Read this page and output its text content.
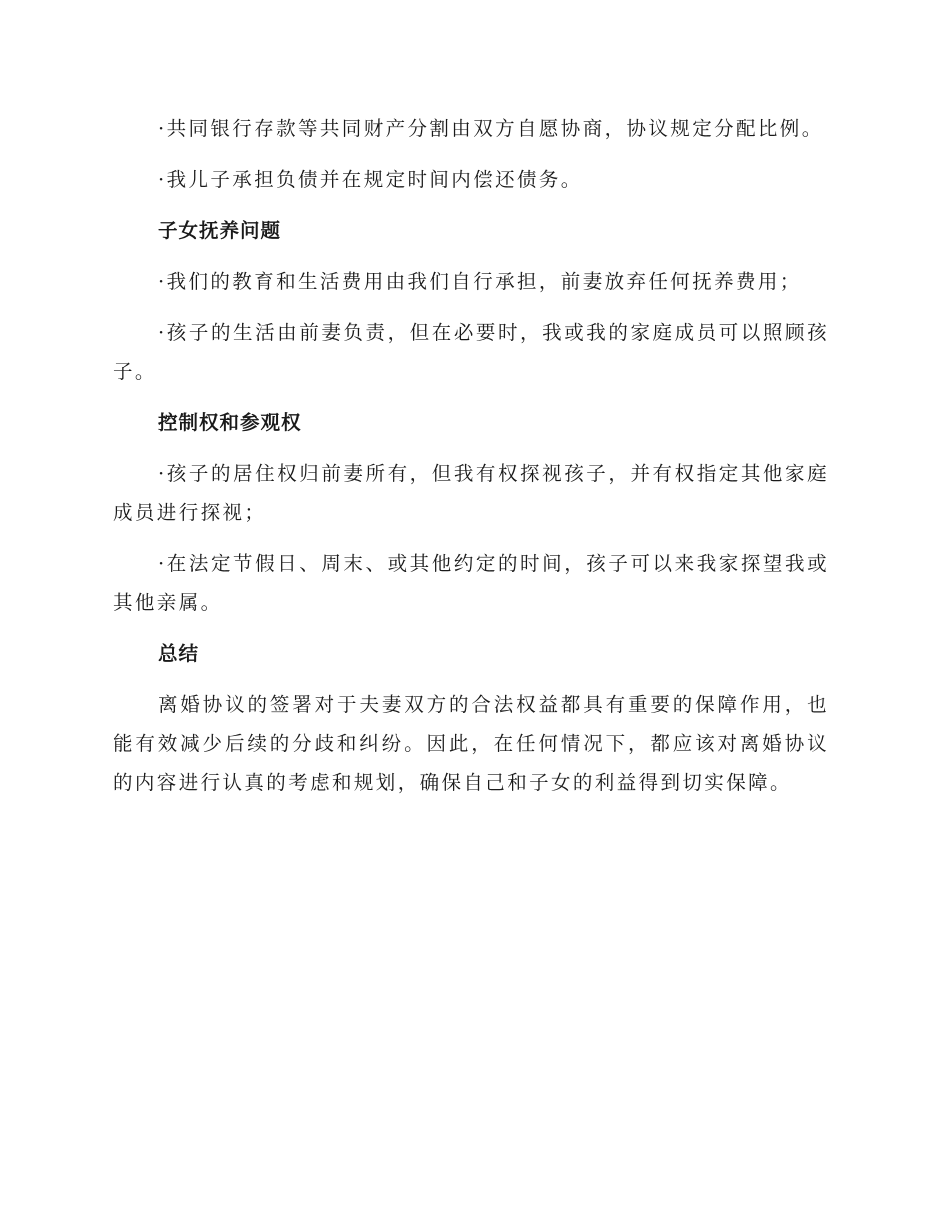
·共同银行存款等共同财产分割由双方自愿协商，协议规定分配比例。

·我儿子承担负债并在规定时间内偿还债务。

子女抚养问题

·我们的教育和生活费用由我们自行承担，前妻放弃任何抚养费用；

·孩子的生活由前妻负责，但在必要时，我或我的家庭成员可以照顾孩子。

控制权和参观权

·孩子的居住权归前妻所有，但我有权探视孩子，并有权指定其他家庭成员进行探视；

·在法定节假日、周末、或其他约定的时间，孩子可以来我家探望我或其他亲属。

总结

离婚协议的签署对于夫妻双方的合法权益都具有重要的保障作用，也能有效减少后续的分歧和纠纷。因此，在任何情况下，都应该对离婚协议的内容进行认真的考虑和规划，确保自己和子女的利益得到切实保障。
